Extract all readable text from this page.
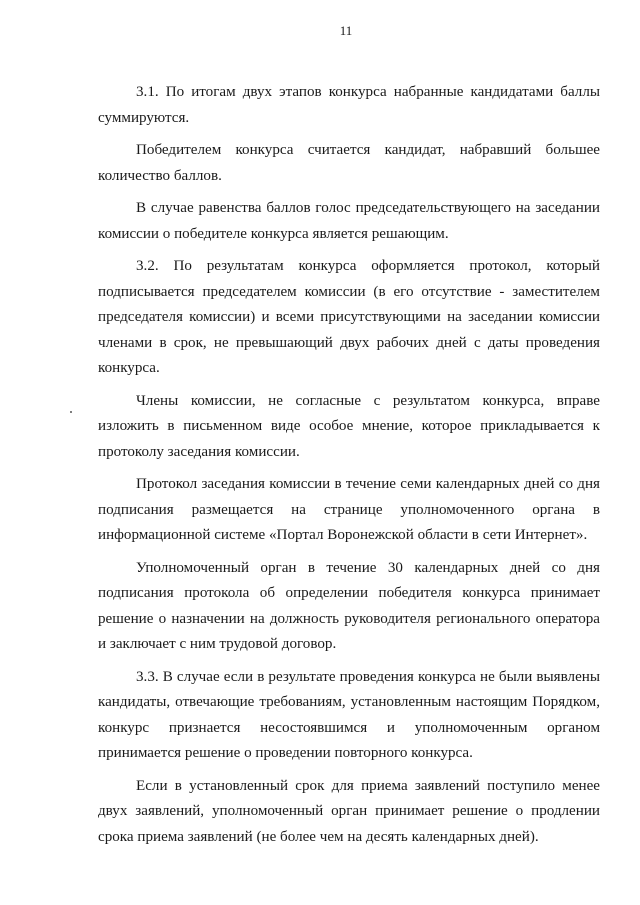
11

3.1. По итогам двух этапов конкурса набранные кандидатами баллы суммируются.

Победителем конкурса считается кандидат, набравший большее количество баллов.

В случае равенства баллов голос председательствующего на заседании комиссии о победителе конкурса является решающим.

3.2. По результатам конкурса оформляется протокол, который подписывается председателем комиссии (в его отсутствие - заместителем председателя комиссии) и всеми присутствующими на заседании комиссии членами в срок, не превышающий двух рабочих дней с даты проведения конкурса.

Члены комиссии, не согласные с результатом конкурса, вправе изложить в письменном виде особое мнение, которое прикладывается к протоколу заседания комиссии.

Протокол заседания комиссии в течение семи календарных дней со дня подписания размещается на странице уполномоченного органа в информационной системе «Портал Воронежской области в сети Интернет».

Уполномоченный орган в течение 30 календарных дней со дня подписания протокола об определении победителя конкурса принимает решение о назначении на должность руководителя регионального оператора и заключает с ним трудовой договор.

3.3. В случае если в результате проведения конкурса не были выявлены кандидаты, отвечающие требованиям, установленным настоящим Порядком, конкурс признается несостоявшимся и уполномоченным органом принимается решение о проведении повторного конкурса.

Если в установленный срок для приема заявлений поступило менее двух заявлений, уполномоченный орган принимает решение о продлении срока приема заявлений (не более чем на десять календарных дней).
